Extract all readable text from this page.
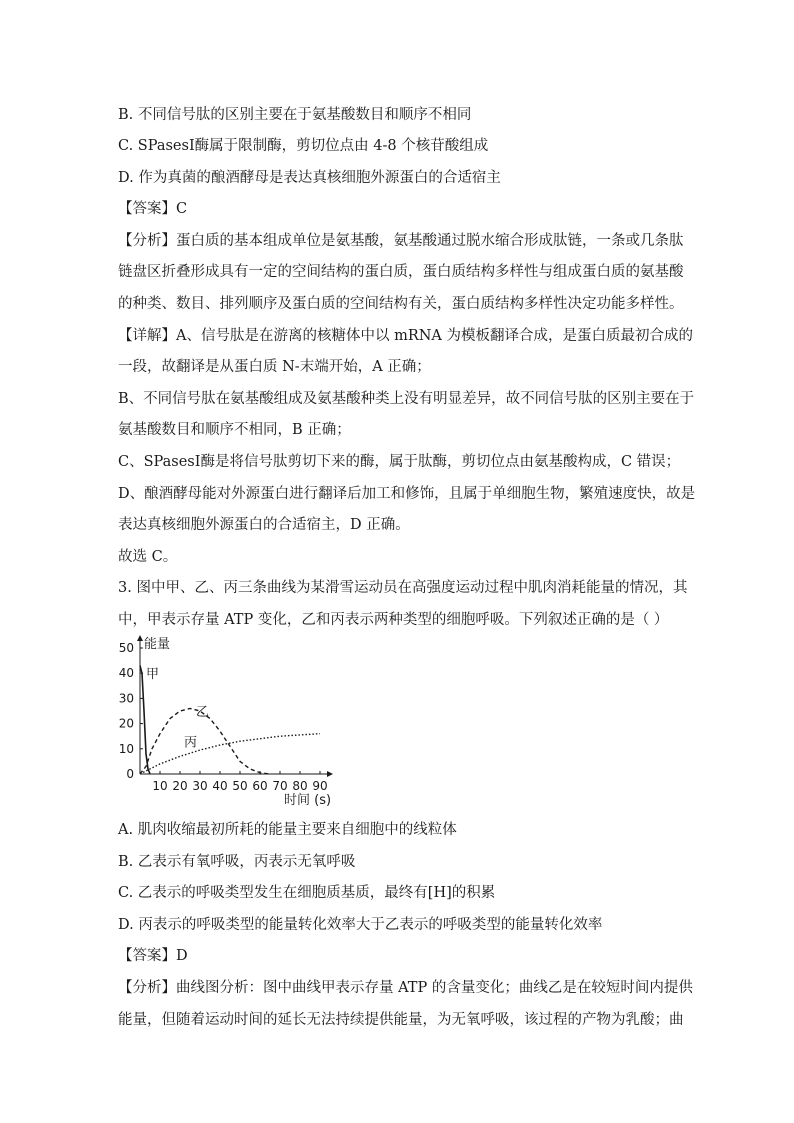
B. 不同信号肽的区别主要在于氨基酸数目和顺序不相同
C. SPasesⅠ酶属于限制酶，剪切位点由 4-8 个核苷酸组成
D. 作为真菌的酿酒酵母是表达真核细胞外源蛋白的合适宿主
【答案】C
【分析】蛋白质的基本组成单位是氨基酸，氨基酸通过脱水缩合形成肽链，一条或几条肽
链盘区折叠形成具有一定的空间结构的蛋白质，蛋白质结构多样性与组成蛋白质的氨基酸
的种类、数目、排列顺序及蛋白质的空间结构有关，蛋白质结构多样性决定功能多样性。
【详解】A、信号肽是在游离的核糖体中以 mRNA 为模板翻译合成，是蛋白质最初合成的
一段，故翻译是从蛋白质 N-末端开始，A 正确；
B、不同信号肽在氨基酸组成及氨基酸种类上没有明显差异，故不同信号肽的区别主要在于
氨基酸数目和顺序不相同，B 正确；
C、SPasesⅠ酶是将信号肽剪切下来的酶，属于肽酶，剪切位点由氨基酸构成，C 错误；
D、酿酒酵母能对外源蛋白进行翻译后加工和修饰，且属于单细胞生物，繁殖速度快，故是
表达真核细胞外源蛋白的合适宿主，D 正确。
故选 C。
3. 图中甲、乙、丙三条曲线为某滑雪运动员在高强度运动过程中肌肉消耗能量的情况，其
中，甲表示存量 ATP 变化，乙和丙表示两种类型的细胞呼吸。下列叙述正确的是（ ）
A. 肌肉收缩最初所耗的能量主要来自细胞中的线粒体
B. 乙表示有氧呼吸，丙表示无氧呼吸
C. 乙表示的呼吸类型发生在细胞质基质，最终有[H]的积累
D. 丙表示的呼吸类型的能量转化效率大于乙表示的呼吸类型的能量转化效率
【答案】D
【分析】曲线图分析：图中曲线甲表示存量 ATP 的含量变化；曲线乙是在较短时间内提供
能量，但随着运动时间的延长无法持续提供能量，为无氧呼吸，该过程的产物为乳酸；曲
能量
时间 (s)
0
10
20
30
40
50
10 20 30 40 50 60 70 80 90
甲
乙
丙
